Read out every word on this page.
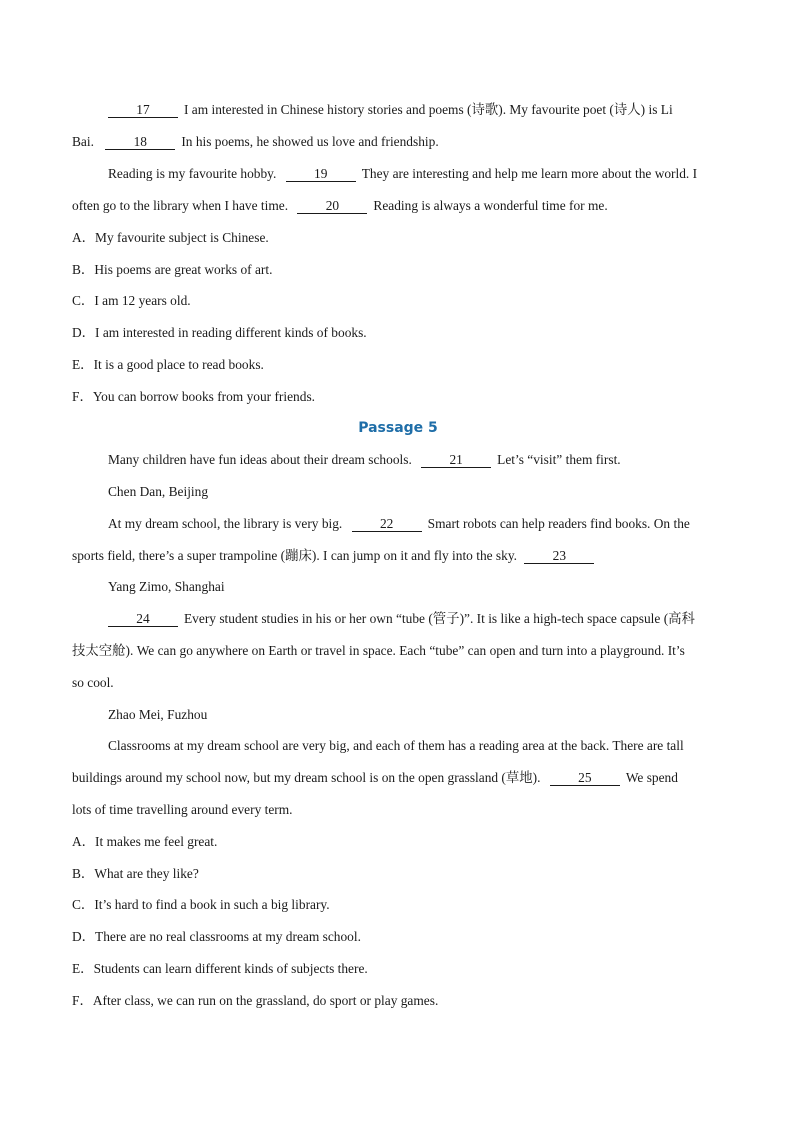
17	I am interested in Chinese history stories and poems (诗歌). My favourite poet (诗人) is Li
Bai.	18	In his poems, he showed us love and friendship.
Reading is my favourite hobby.	19	They are interesting and help me learn more about the world. I
often go to the library when I have time.	20	Reading is always a wonderful time for me.
A．My favourite subject is Chinese.
B．His poems are great works of art.
C．I am 12 years old.
D．I am interested in reading different kinds of books.
E．It is a good place to read books.
F．You can borrow books from your friends.
Passage 5
Many children have fun ideas about their dream schools.	21	Let’s “visit” them first.
Chen Dan, Beijing
At my dream school, the library is very big.	22	Smart robots can help readers find books. On the
sports field, there’s a super trampoline (蹦床). I can jump on it and fly into the sky.	23
Yang Zimo, Shanghai
24	Every student studies in his or her own “tube (管子)”. It is like a high-tech space capsule (高科
技太空舱). We can go anywhere on Earth or travel in space. Each “tube” can open and turn into a playground. It’s
so cool.
Zhao Mei, Fuzhou
Classrooms at my dream school are very big, and each of them has a reading area at the back. There are tall
buildings around my school now, but my dream school is on the open grassland (草地).	25	We spend
lots of time travelling around every term.
A．It makes me feel great.
B．What are they like?
C．It’s hard to find a book in such a big library.
D．There are no real classrooms at my dream school.
E．Students can learn different kinds of subjects there.
F．After class, we can run on the grassland, do sport or play games.
